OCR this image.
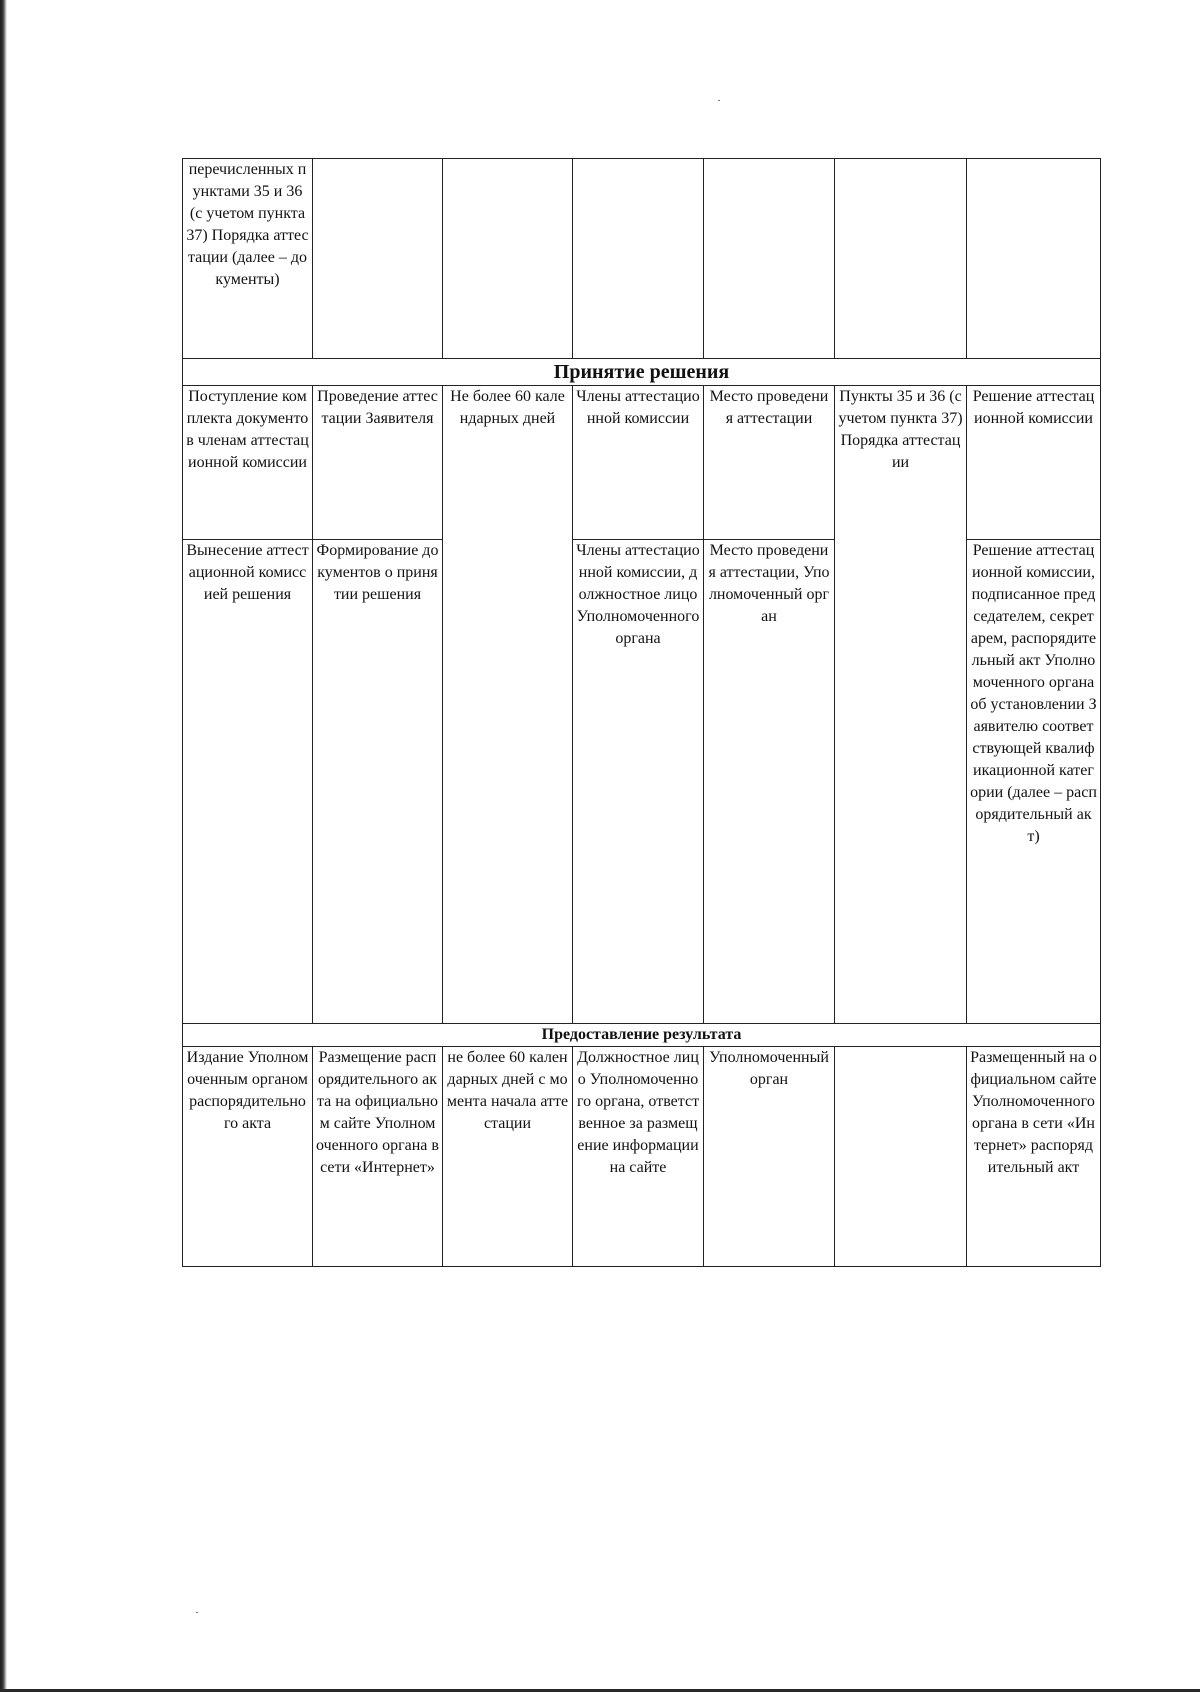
перечисленных пунктами 35 и 36 (с учетом пункта 37) Порядка аттестации (далее – документы)						
Принятие решения						
Поступление комплекта документов членам аттестационной комиссии	Проведение аттестации Заявителя	Не более 60 календарных дней	Члены аттестационной комиссии	Место проведения аттестации	Пункты 35 и 36 (с учетом пункта 37) Порядка аттестации	Решение аттестационной комиссии
Вынесение аттестационной комиссией решения	Формирование документов о принятии решения		Члены аттестационной комиссии, должностное лицо Уполномоченного органа	Место проведения аттестации, Уполномоченный орган		Решение аттестационной комиссии, подписанное председателем, секретарем, распорядительный акт Уполномоченного органа об установлении Заявителю соответствующей квалификационной категории (далее – распорядительный акт)
Предоставление результата						
Издание Уполномоченным органом распорядительного акта	Размещение распорядительного акта на официальном сайте Уполномоченного органа в сети «Интернет»	не более 60 календарных дней с момента начала аттестации	Должностное лицо Уполномоченного органа, ответственное за размещение информации на сайте	Уполномоченный орган		Размещенный на официальном сайте Уполномоченного органа в сети «Интернет» распорядительный акт
